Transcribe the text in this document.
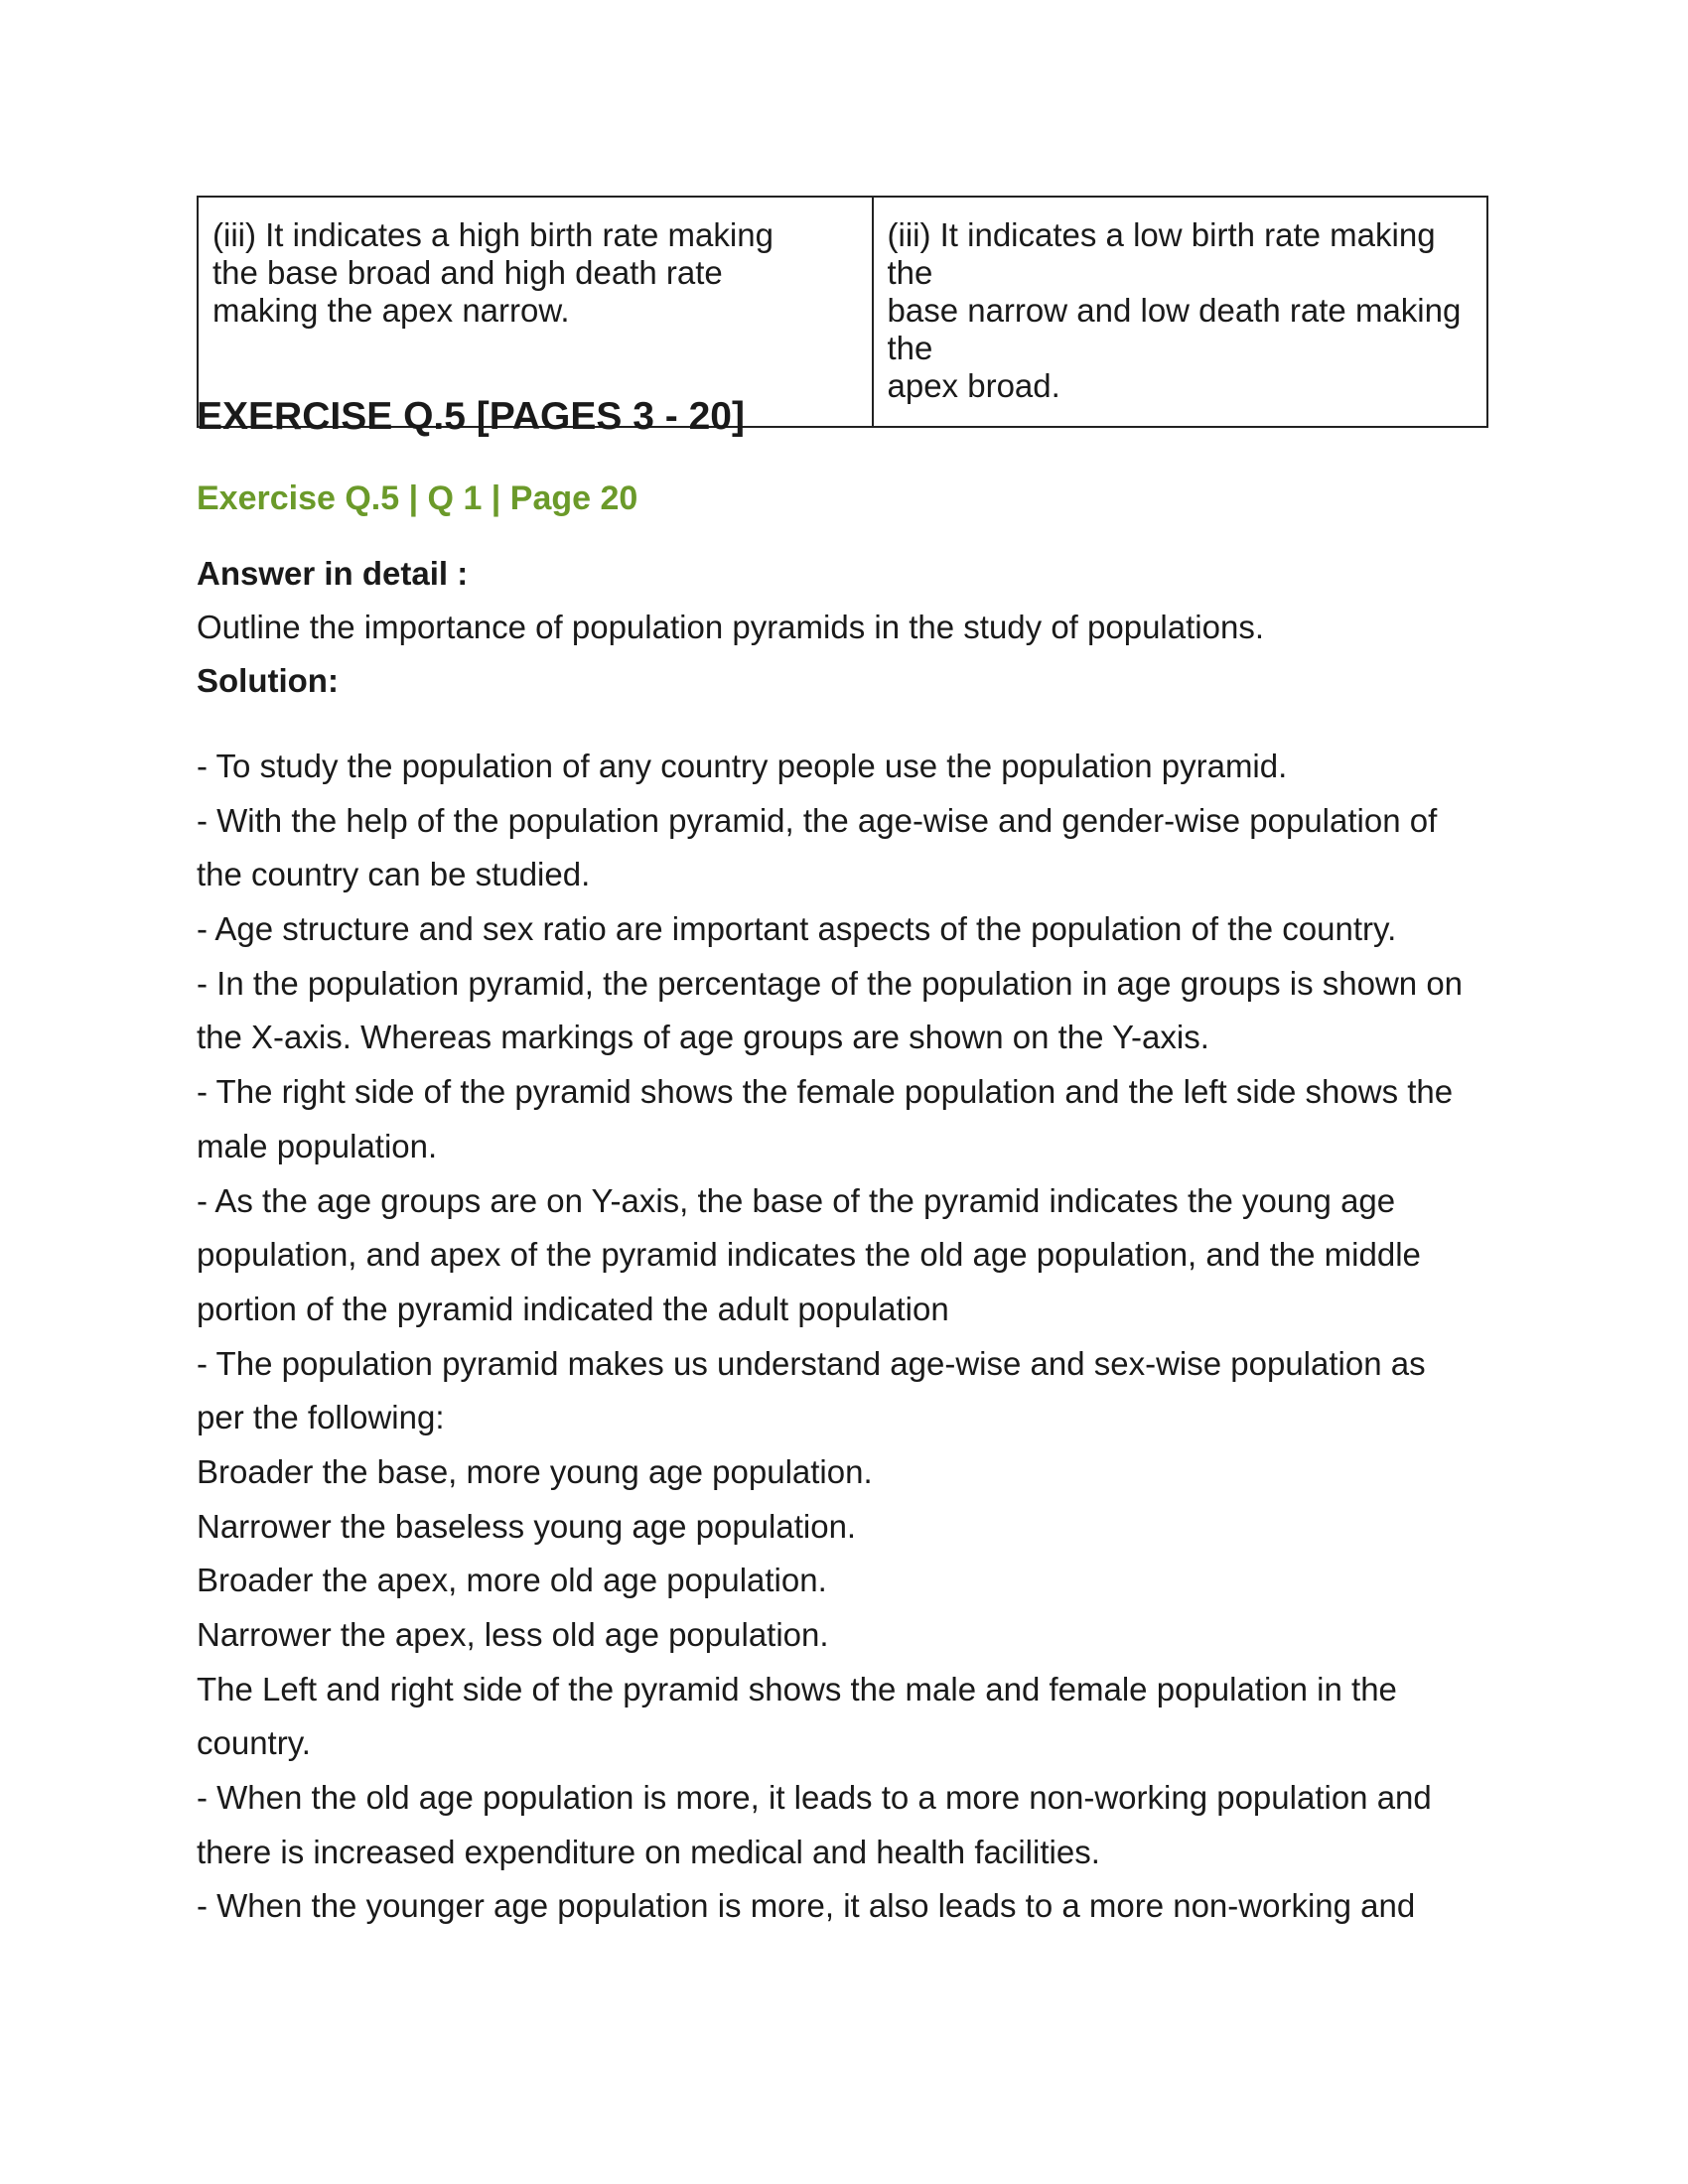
(iii) It indicates a high birth rate making
the base broad and high death rate
making the apex narrow.

(iii) It indicates a low birth rate making the
base narrow and low death rate making the
apex broad.
EXERCISE Q.5 [PAGES 3 - 20]
Exercise Q.5 | Q 1 | Page 20

Answer in detail :

Outline the importance of population pyramids in the study of populations.

Solution:

- To study the population of any country people use the population pyramid.

- With the help of the population pyramid, the age-wise and gender-wise population of

the country can be studied.

- Age structure and sex ratio are important aspects of the population of the country.

- In the population pyramid, the percentage of the population in age groups is shown on

the X-axis. Whereas markings of age groups are shown on the Y-axis.

- The right side of the pyramid shows the female population and the left side shows the

male population.

- As the age groups are on Y-axis, the base of the pyramid indicates the young age

population, and apex of the pyramid indicates the old age population, and the middle

portion of the pyramid indicated the adult population

- The population pyramid makes us understand age-wise and sex-wise population as

per the following:

Broader the base, more young age population.

Narrower the baseless young age population.

Broader the apex, more old age population.

Narrower the apex, less old age population.

The Left and right side of the pyramid shows the male and female population in the

country.

- When the old age population is more, it leads to a more non-working population and

there is increased expenditure on medical and health facilities.

- When the younger age population is more, it also leads to a more non-working and
